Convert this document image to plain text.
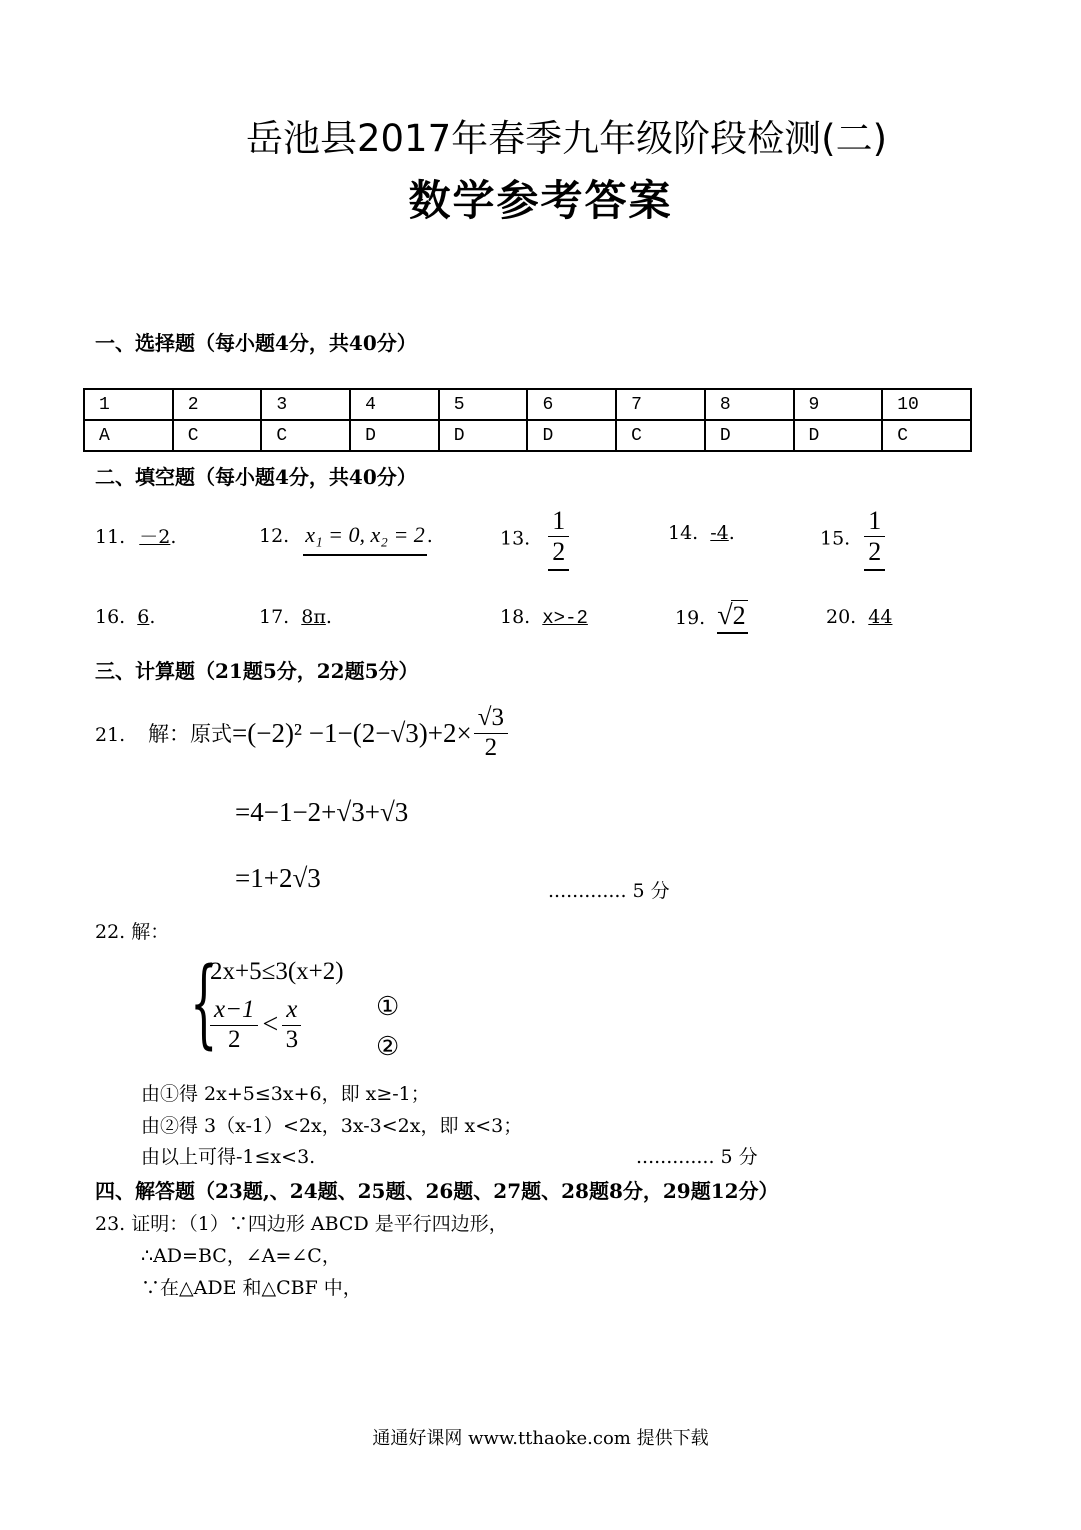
岳池县2017年春季九年级阶段检测(二)
数学参考答案
一、选择题（每小题4分，共40分）
1	2	3	4	5	6	7	8	9	10
A	C	C	D	D	D	C	D	D	C
二、填空题（每小题4分，共40分）
11. －2.	12. x₁ = 0, x₂ = 2 .	13. $\frac{1}{2}$	14. -4.	15. $\frac{1}{2}$
16. 6.	17. 8π.	18. x>-2	19. √2	20. 44
三、计算题（21题5分，22题5分）
21. 解：原式 $=(-2)^2 -1-(2-√3)+2\times \frac{√3}{2}$
=4−1−2+√3+√3
=1+2√3	............. 5 分
22. 解：
{
2x+5≤3(x+2)
$\frac{x-1}{2} < \frac{x}{3}$	①
②
由①得 2x+5≤3x+6，即 x≥-1；
由②得 3（x-1）<2x，3x-3<2x，即 x<3；
由以上可得-1≤x<3.	............. 5 分
四、解答题（23题,、24题、25题、26题、27题、28题8分，29题12分）
23. 证明：（1）∵四边形 ABCD 是平行四边形，
∴AD=BC，∠A=∠C，
∵在△ADE 和△CBF 中，
通通好课网 www.tthaoke.com 提供下载
